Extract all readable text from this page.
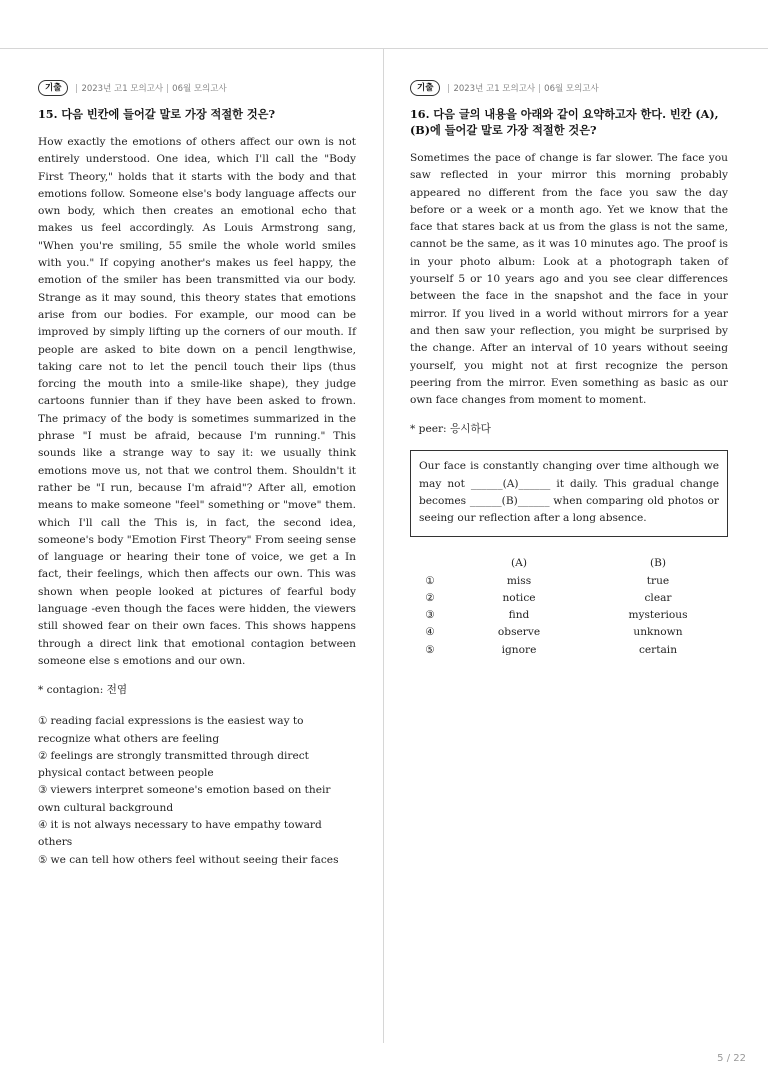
기출	2023년 고1 모의고사 06월 모의고사
15. 다음 빈칸에 들어갈 말로 가장 적절한 것은?
How exactly the emotions of others affect our own is not entirely understood. One idea, which I'll call the "Body First Theory," holds that it starts with the body and that emotions follow. Someone else's body language affects our own body, which then creates an emotional echo that makes us feel accordingly. As Louis Armstrong sang, "When you're smiling, 55 smile the whole world smiles with you." If copying another's makes us feel happy, the emotion of the smiler has been transmitted via our body. Strange as it may sound, this theory states that emotions arise from our bodies. For example, our mood can be improved by simply lifting up the corners of our mouth. If people are asked to bite down on a pencil lengthwise, taking care not to let the pencil touch their lips (thus forcing the mouth into a smile-like shape), they judge cartoons funnier than if they have been asked to frown. The primacy of the body is sometimes summarized in the phrase "I must be afraid, because I'm running." This sounds like a strange way to say it: we usually think emotions move us, not that we control them. Shouldn't it rather be "I run, because I'm afraid"? After all, emotion means to make someone "feel" something or "move" them. which I'll call the This is, in fact, the second idea, someone's body "Emotion First Theory" From seeing sense of language or hearing their tone of voice, we get a In fact, their feelings, which then affects our own. This was shown when people looked at pictures of fearful body language -even though the faces were hidden, the viewers still showed fear on their own faces. This shows happens through a direct link that emotional contagion between someone else s emotions and our own.
* contagion: 전염
① reading facial expressions is the easiest way to recognize what others are feeling
② feelings are strongly transmitted through direct physical contact between people
③ viewers interpret someone's emotion based on their own cultural background
④ it is not always necessary to have empathy toward others
⑤ we can tell how others feel without seeing their faces
기출	2023년 고1 모의고사 06월 모의고사
16. 다음 글의 내용을 아래와 같이 요약하고자 한다. 빈칸 (A), (B)에 들어갈 말로 가장 적절한 것은?
Sometimes the pace of change is far slower. The face you saw reflected in your mirror this morning probably appeared no different from the face you saw the day before or a week or a month ago. Yet we know that the face that stares back at us from the glass is not the same, cannot be the same, as it was 10 minutes ago. The proof is in your photo album: Look at a photograph taken of yourself 5 or 10 years ago and you see clear differences between the face in the snapshot and the face in your mirror. If you lived in a world without mirrors for a year and then saw your reflection, you might be surprised by the change. After an interval of 10 years without seeing yourself, you might not at first recognize the person peering from the mirror. Even something as basic as our own face changes from moment to moment.
* peer: 응시하다
Our face is constantly changing over time although we may not ______(A)______ it daily. This gradual change becomes ______(B)______ when comparing old photos or seeing our reflection after a long absence.
	(A)	(B)
①	miss	true
②	notice	clear
③	find	mysterious
④	observe	unknown
⑤	ignore	certain
5 / 22
